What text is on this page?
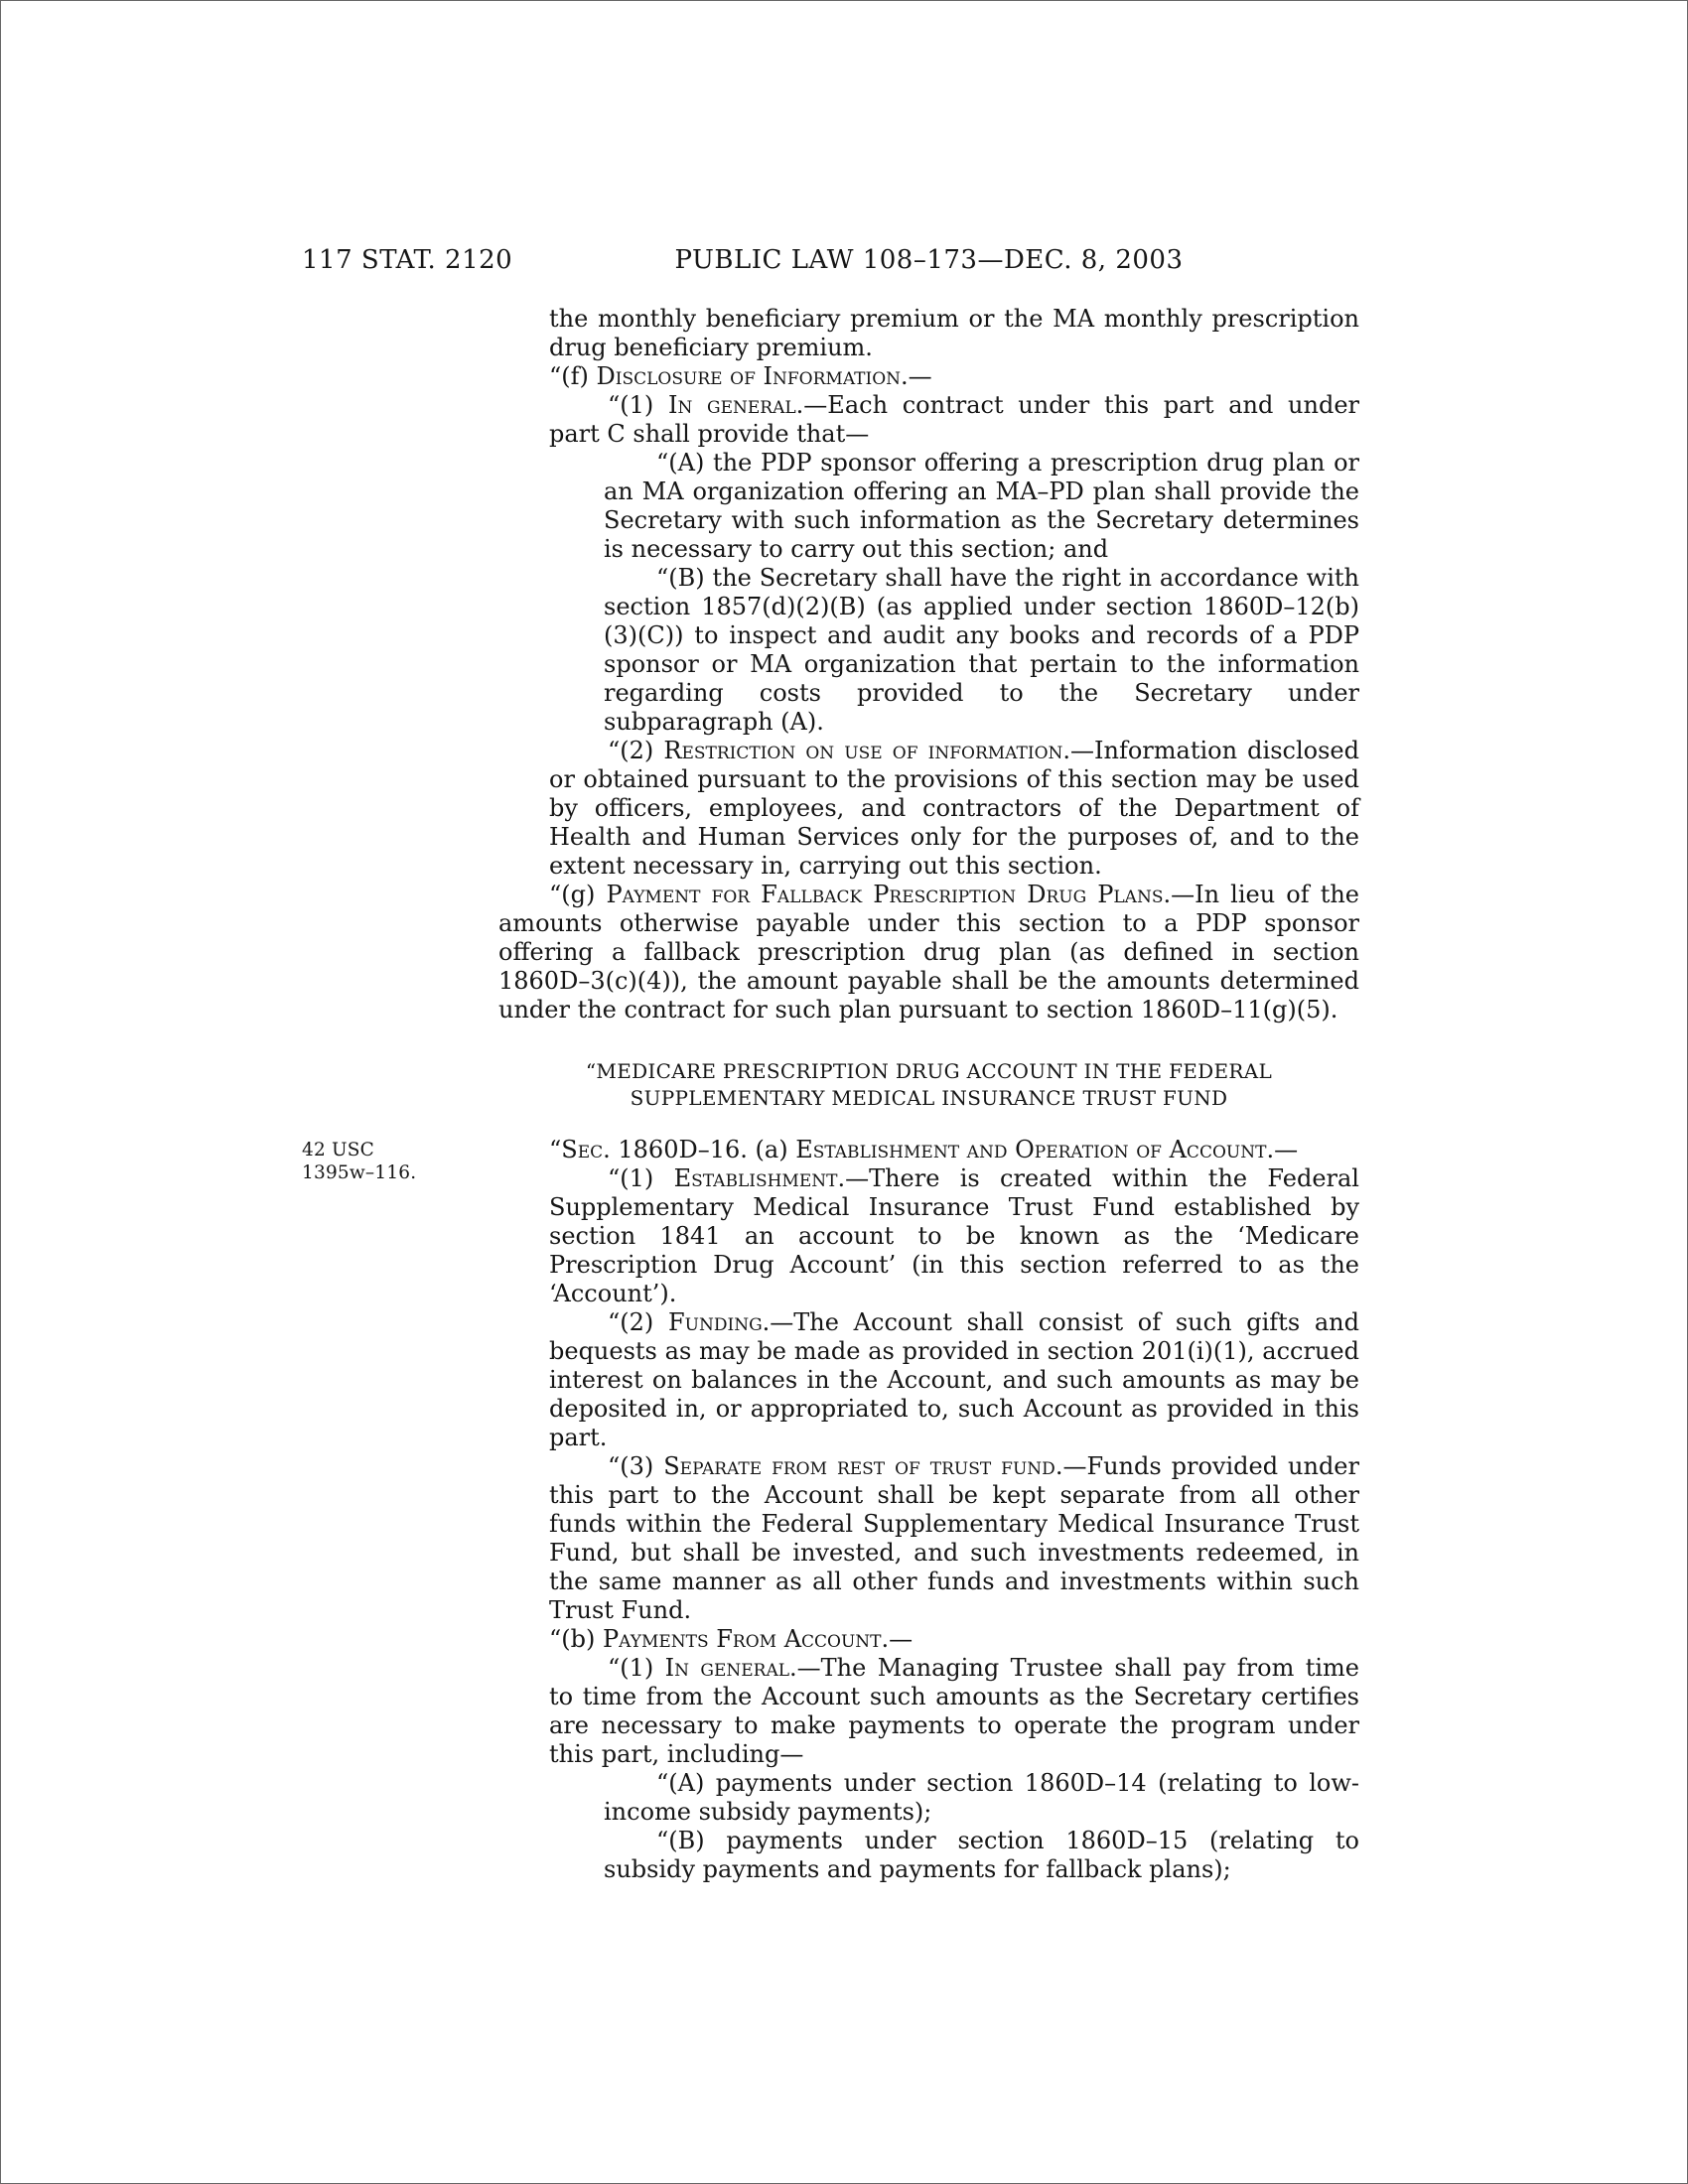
117 STAT. 2120	PUBLIC LAW 108–173—DEC. 8, 2003

the monthly beneficiary premium or the MA monthly prescription drug beneficiary premium.

“(f) Disclosure of Information.—

“(1) In general.—Each contract under this part and under part C shall provide that—

“(A) the PDP sponsor offering a prescription drug plan or an MA organization offering an MA–PD plan shall provide the Secretary with such information as the Secretary determines is necessary to carry out this section; and

“(B) the Secretary shall have the right in accordance with section 1857(d)(2)(B) (as applied under section 1860D–12(b)(3)(C)) to inspect and audit any books and records of a PDP sponsor or MA organization that pertain to the information regarding costs provided to the Secretary under subparagraph (A).

“(2) Restriction on use of information.—Information disclosed or obtained pursuant to the provisions of this section may be used by officers, employees, and contractors of the Department of Health and Human Services only for the purposes of, and to the extent necessary in, carrying out this section.

“(g) Payment for Fallback Prescription Drug Plans.—In lieu of the amounts otherwise payable under this section to a PDP sponsor offering a fallback prescription drug plan (as defined in section 1860D–3(c)(4)), the amount payable shall be the amounts determined under the contract for such plan pursuant to section 1860D–11(g)(5).

“MEDICARE PRESCRIPTION DRUG ACCOUNT IN THE FEDERAL
SUPPLEMENTARY MEDICAL INSURANCE TRUST FUND

“Sec. 1860D–16. (a) Establishment and Operation of Account.—
42 USC
1395w–116.	“(1) Establishment.—There is created within the Federal Supplementary Medical Insurance Trust Fund established by section 1841 an account to be known as the ‘Medicare Prescription Drug Account’ (in this section referred to as the ‘Account’).

“(2) Funding.—The Account shall consist of such gifts and bequests as may be made as provided in section 201(i)(1), accrued interest on balances in the Account, and such amounts as may be deposited in, or appropriated to, such Account as provided in this part.

“(3) Separate from rest of trust fund.—Funds provided under this part to the Account shall be kept separate from all other funds within the Federal Supplementary Medical Insurance Trust Fund, but shall be invested, and such investments redeemed, in the same manner as all other funds and investments within such Trust Fund.

“(b) Payments From Account.—

“(1) In general.—The Managing Trustee shall pay from time to time from the Account such amounts as the Secretary certifies are necessary to make payments to operate the program under this part, including—

“(A) payments under section 1860D–14 (relating to low-income subsidy payments);

“(B) payments under section 1860D–15 (relating to subsidy payments and payments for fallback plans);
